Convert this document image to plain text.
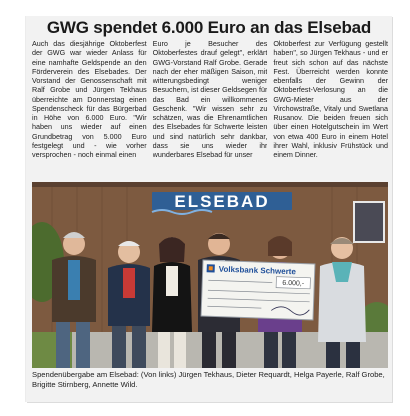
GWG spendet 6.000 Euro an das Elsebad

Auch das diesjährige Oktoberfest der GWG war wieder Anlass für eine namhafte Geldspende an den Förderverein des Elsebades. Der Vorstand der Genossenschaft mit Ralf Grobe und Jürgen Tekhaus überreichte am Donnerstag einen Spendenscheck für das Bürgerbad in Höhe von 6.000 Euro. "Wir haben uns wieder auf einen Grundbetrag von 5.000 Euro festgelegt und - wie vorher versprochen - noch einmal einen

Euro je Besucher des Oktoberfestes drauf gelegt", erklärt GWG-Vorstand Ralf Grobe. Gerade nach der eher mäßigen Saison, mit witterungsbedingt weniger Besuchern, ist dieser Geldsegen für das Bad ein willkommenes Geschenk. "Wir wissen sehr zu schätzen, was die Ehrenamtlichen des Elsebades für Schwerte leisten und sind natürlich sehr dankbar, dass sie uns wieder ihr wunderbares Elsebad für unser

Oktoberfest zur Verfügung gestellt haben", so Jürgen Tekhaus - und er freut sich schon auf das nächste Fest. Überreicht werden konnte ebenfalls der Gewinn der Oktoberfest-Verlosung an die GWG-Mieter aus der Virchowstraße, Vitaly und Swetlana Rusanov. Die beiden freuen sich über einen Hotelgutschein im Wert von etwa 400 Euro in einem Hotel ihrer Wahl, inklusiv Frühstück und einem Dinner.

ELSEBAD
Volksbank Schwerte
6.000,-
Spendenübergabe am Elsebad: (Von links) Jürgen Tekhaus, Dieter Requardt, Helga Payerle, Ralf Grobe, Brigitte Stirnberg, Annette Wild.
